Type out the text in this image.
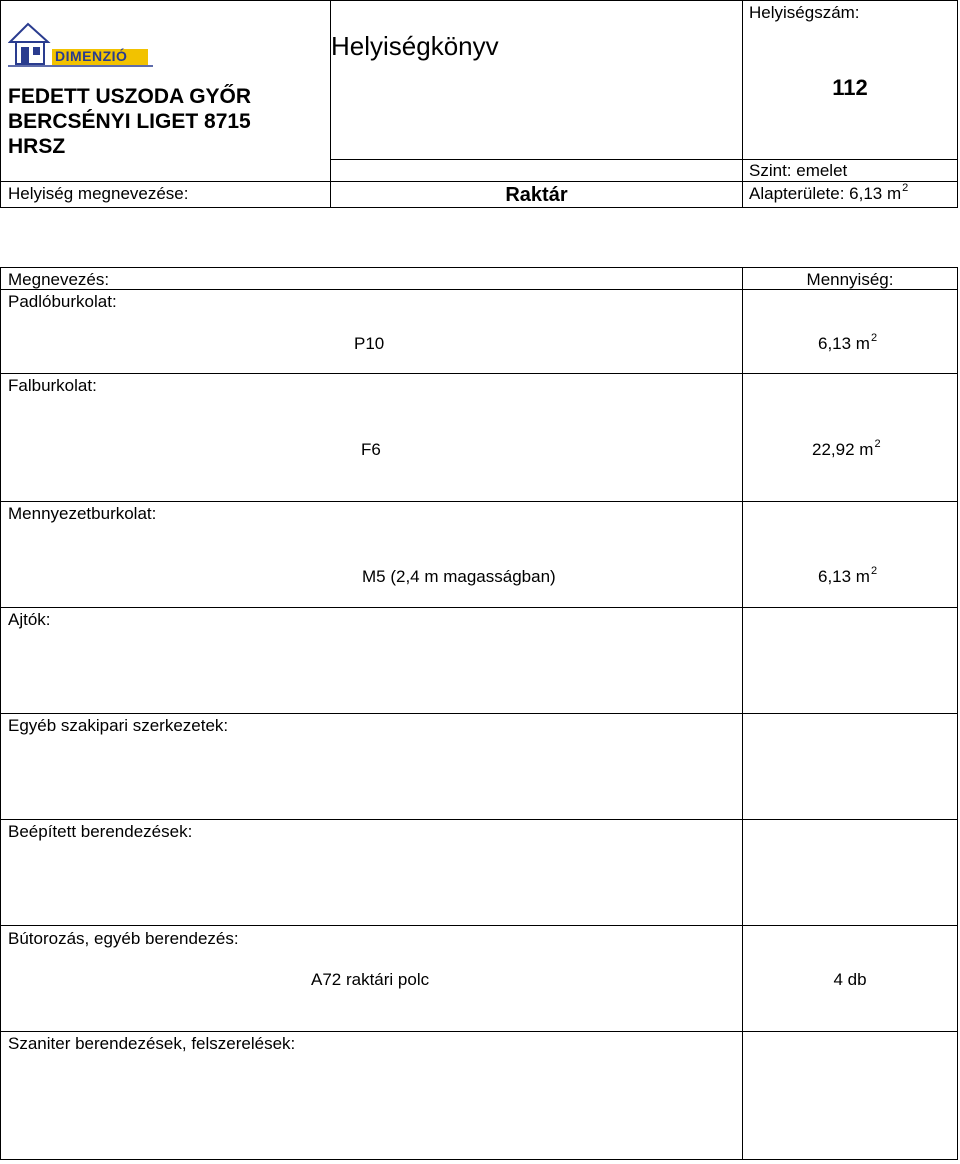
DIMENZIÓ
FEDETT USZODA GYŐR
BERCSÉNYI LIGET 8715
HRSZ
Helyiségkönyv
Helyiségszám:
112
Szint: emelet
Helyiség megnevezése:	Raktár	Alapterülete: 6,13 $m^2$
Megnevezés:	Mennyiség:
Padlóburkolat:
P10	6,13 $m^2$
Falburkolat:
F6	22,92 $m^2$
Mennyezetburkolat:
M5 (2,4 m magasságban)	6,13 $m^2$
Ajtók:
Egyéb szakipari szerkezetek:
Beépített berendezések:
Bútorozás, egyéb berendezés:
A72 raktári polc	4 db
Szaniter berendezések, felszerelések:
